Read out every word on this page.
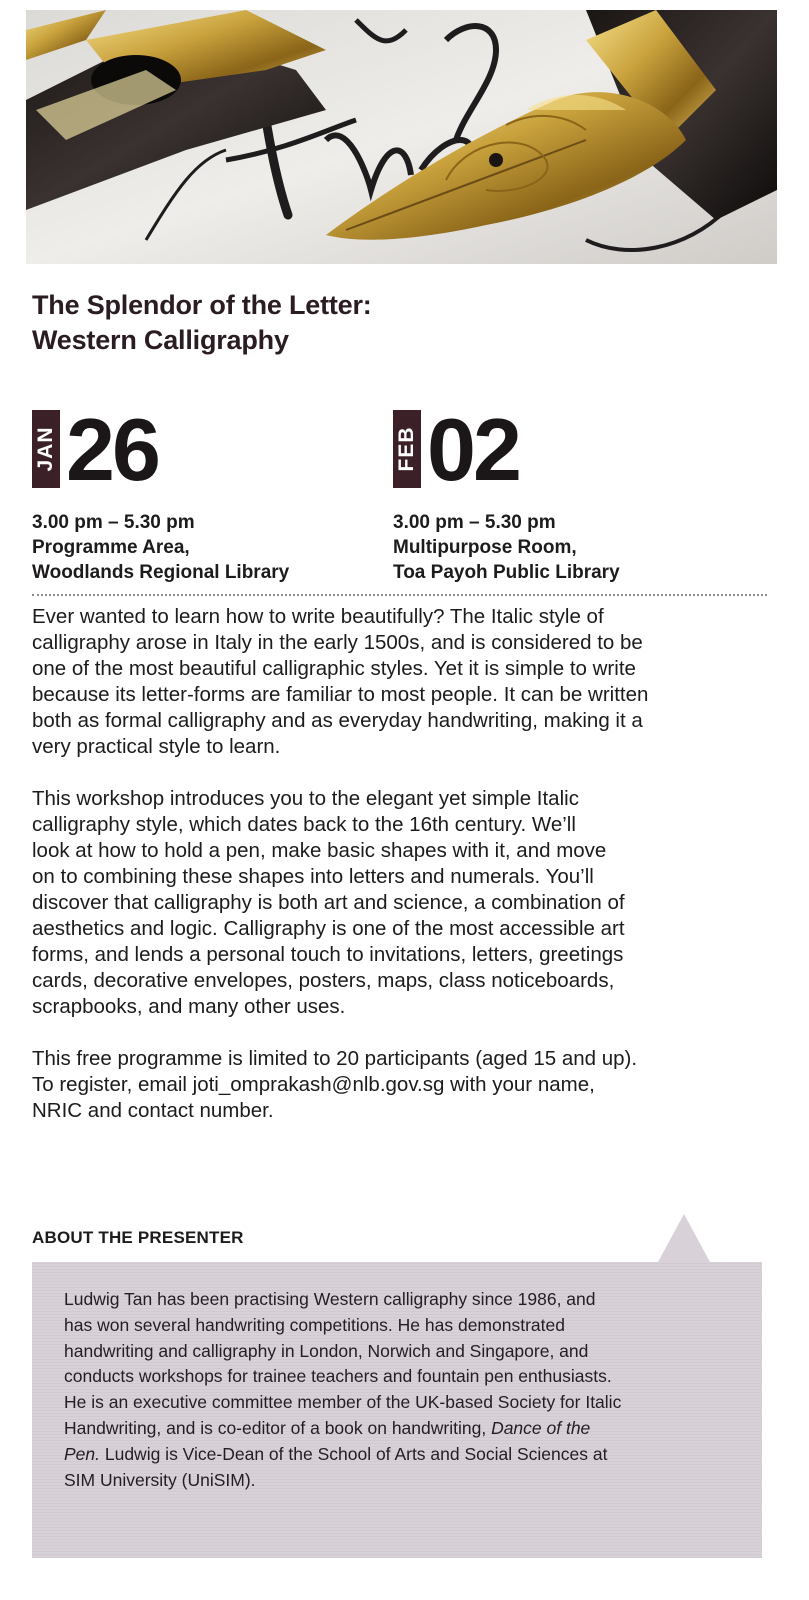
The Splendor of the Letter:
Western Calligraphy
JAN 26
3.00 pm – 5.30 pm
Programme Area,
Woodlands Regional Library
FEB 02
3.00 pm – 5.30 pm
Multipurpose Room,
Toa Payoh Public Library

Ever wanted to learn how to write beautifully? The Italic style of
calligraphy arose in Italy in the early 1500s, and is considered to be
one of the most beautiful calligraphic styles. Yet it is simple to write
because its letter-forms are familiar to most people. It can be written
both as formal calligraphy and as everyday handwriting, making it a
very practical style to learn.

This workshop introduces you to the elegant yet simple Italic
calligraphy style, which dates back to the 16th century. We’ll
look at how to hold a pen, make basic shapes with it, and move
on to combining these shapes into letters and numerals. You’ll
discover that calligraphy is both art and science, a combination of
aesthetics and logic. Calligraphy is one of the most accessible art
forms, and lends a personal touch to invitations, letters, greetings
cards, decorative envelopes, posters, maps, class noticeboards,
scrapbooks, and many other uses.

This free programme is limited to 20 participants (aged 15 and up).
To register, email joti_omprakash@nlb.gov.sg with your name,
NRIC and contact number.

ABOUT THE PRESENTER
Ludwig Tan has been practising Western calligraphy since 1986, and
has won several handwriting competitions. He has demonstrated
handwriting and calligraphy in London, Norwich and Singapore, and
conducts workshops for trainee teachers and fountain pen enthusiasts.
He is an executive committee member of the UK-based Society for Italic
Handwriting, and is co-editor of a book on handwriting, Dance of the
Pen. Ludwig is Vice-Dean of the School of Arts and Social Sciences at
SIM University (UniSIM).
